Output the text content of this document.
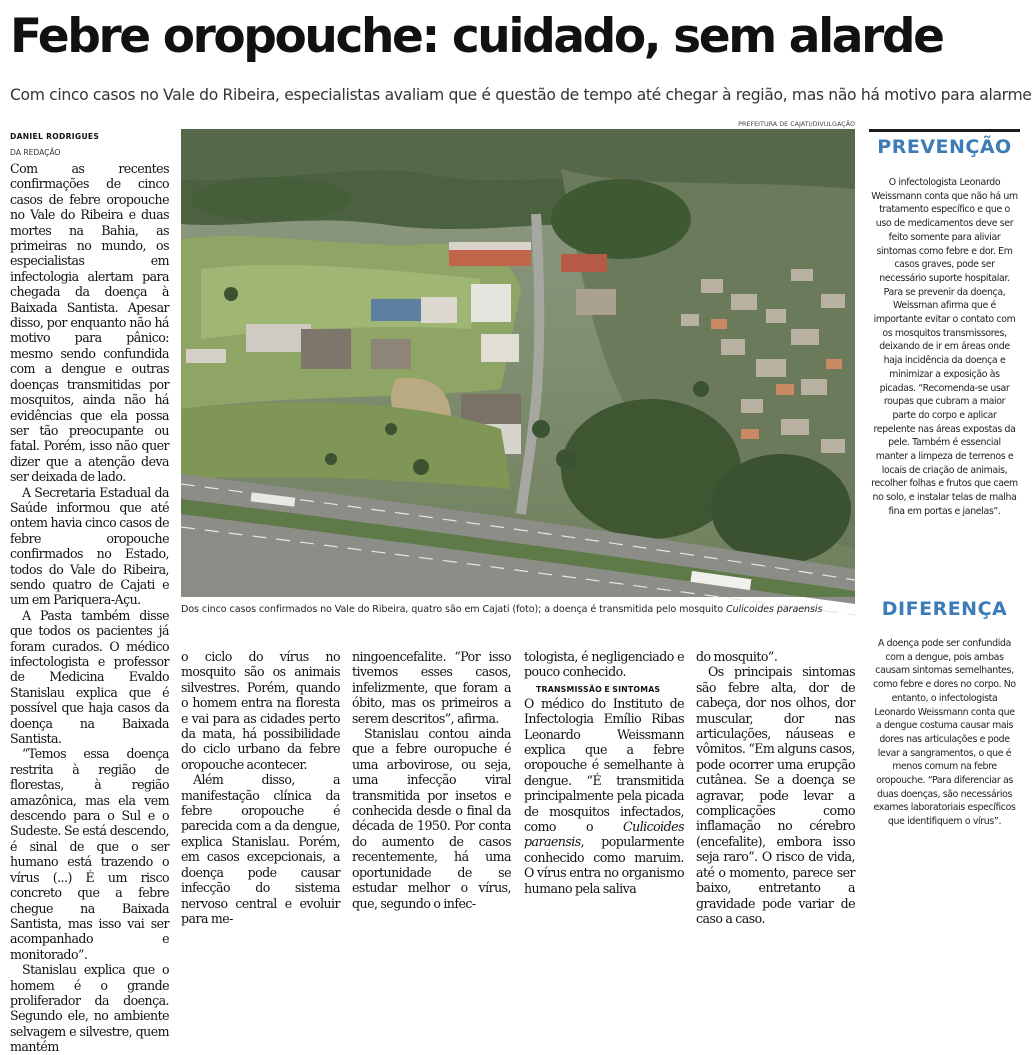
Febre oropouche: cuidado, sem alarde
Com cinco casos no Vale do Ribeira, especialistas avaliam que é questão de tempo até chegar à região, mas não há motivo para alarme
DANIEL RODRIGUES
DA REDAÇÃO

Com as recentes confirmações de cinco casos de febre oropouche no Vale do Ribeira e duas mortes na Bahia, as primeiras no mundo, os especialistas em infectologia alertam para chegada da doença à Baixada Santista. Apesar disso, por enquanto não há motivo para pânico: mesmo sendo confundida com a dengue e outras doenças transmitidas por mosquitos, ainda não há evidências que ela possa ser tão preocupante ou fatal. Porém, isso não quer dizer que a atenção deva ser deixada de lado.

A Secretaria Estadual da Saúde informou que até ontem havia cinco casos de febre oropouche confirmados no Estado, todos do Vale do Ribeira, sendo quatro de Cajati e um em Pariquera-Açu.

A Pasta também disse que todos os pacientes já foram curados. O médico infectologista e professor de Medicina Evaldo Stanislau explica que é possível que haja casos da doença na Baixada Santista.

“Temos essa doença restrita à região de florestas, à região amazônica, mas ela vem descendo para o Sul e o Sudeste. Se está descendo, é sinal de que o ser humano está trazendo o vírus (...) É um risco concreto que a febre chegue na Baixada Santista, mas isso vai ser acompanhado e monitorado”.

Stanislau explica que o homem é o grande proliferador da doença. Segundo ele, no ambiente selvagem e silvestre, quem mantém

PREFEITURA DE CAJATI/DIVULGAÇÃO
Dos cinco casos confirmados no Vale do Ribeira, quatro são em Cajati (foto); a doença é transmitida pelo mosquito Culicoides paraensis

o ciclo do vírus no mosquito são os animais silvestres. Porém, quando o homem entra na floresta e vai para as cidades perto da mata, há possibilidade do ciclo urbano da febre oropouche acontecer.

Além disso, a manifestação clínica da febre oropouche é parecida com a da dengue, explica Stanislau. Porém, em casos excepcionais, a doença pode causar infecção do sistema nervoso central e evoluir para me-

ningoencefalite. “Por isso tivemos esses casos, infelizmente, que foram a óbito, mas os primeiros a serem descritos”, afirma.

Stanislau contou ainda que a febre ouropuche é uma arbovirose, ou seja, uma infecção viral transmitida por insetos e conhecida desde o final da década de 1950. Por conta do aumento de casos recentemente, há uma oportunidade de se estudar melhor o vírus, que, segundo o infec-

tologista, é negligenciado e pouco conhecido.

TRANSMISSÃO E SINTOMAS

O médico do Instituto de Infectologia Emílio Ribas Leonardo Weissmann explica que a febre oropouche é semelhante à dengue. “É transmitida principalmente pela picada de mosquitos infectados, como o Culicoides paraensis, popularmente conhecido como maruim. O vírus entra no organismo humano pela saliva

do mosquito”.

Os principais sintomas são febre alta, dor de cabeça, dor nos olhos, dor muscular, dor nas articulações, náuseas e vômitos. “Em alguns casos, pode ocorrer uma erupção cutânea. Se a doença se agravar, pode levar a complicações como inflamação no cérebro (encefalite), embora isso seja raro”. O risco de vida, até o momento, parece ser baixo, entretanto a gravidade pode variar de caso a caso.

PREVENÇÃO
O infectologista Leonardo Weissmann conta que não há um tratamento específico e que o uso de medicamentos deve ser feito somente para aliviar sintomas como febre e dor. Em casos graves, pode ser necessário suporte hospitalar. Para se prevenir da doença, Weissman afirma que é importante evitar o contato com os mosquitos transmissores, deixando de ir em áreas onde haja incidência da doença e minimizar a exposição às picadas. “Recomenda-se usar roupas que cubram a maior parte do corpo e aplicar repelente nas áreas expostas da pele. Também é essencial manter a limpeza de terrenos e locais de criação de animais, recolher folhas e frutos que caem no solo, e instalar telas de malha fina em portas e janelas”.
DIFERENÇA
A doença pode ser confundida com a dengue, pois ambas causam sintomas semelhantes, como febre e dores no corpo. No entanto, o infectologista Leonardo Weissmann conta que a dengue costuma causar mais dores nas articulações e pode levar a sangramentos, o que é menos comum na febre oropouche. “Para diferenciar as duas doenças, são necessários exames laboratoriais específicos que identifiquem o vírus”.
